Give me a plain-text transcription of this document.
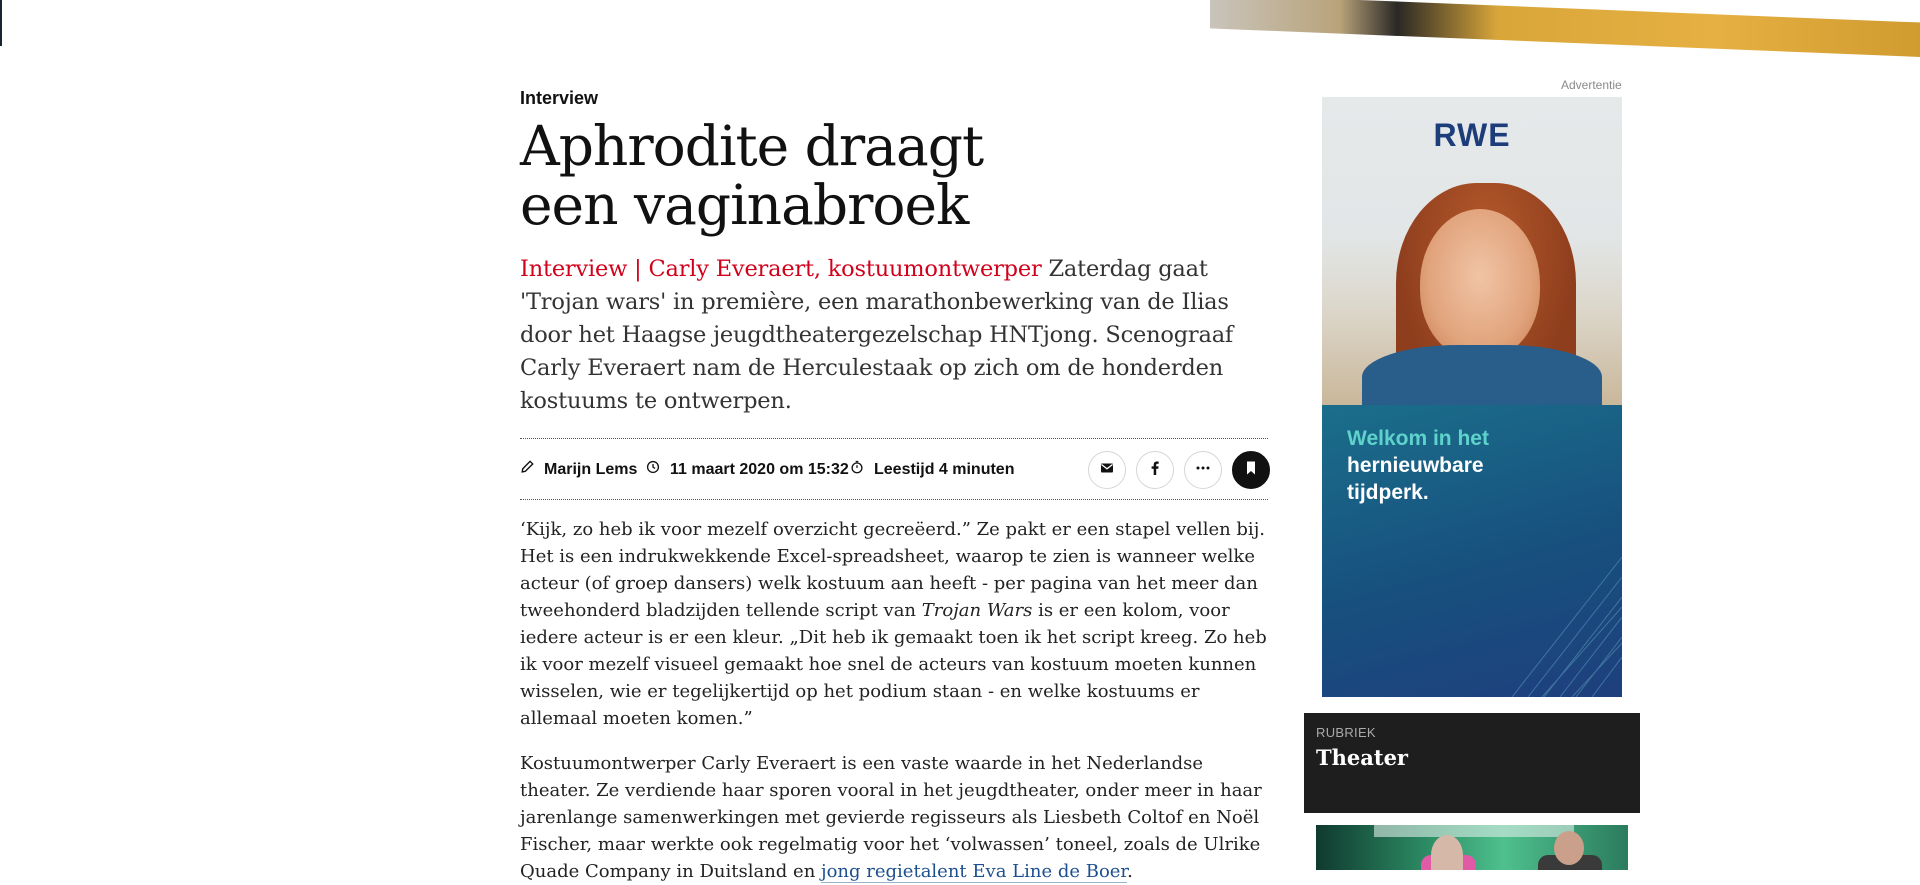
Interview

Aphrodite draagt een vaginabroek

Interview | Carly Everaert, kostuumontwerper Zaterdag gaat 'Trojan wars' in première, een marathonbewerking van de Ilias door het Haagse jeugdtheatergezelschap HNTjong. Scenograaf Carly Everaert nam de Herculestaak op zich om de honderden kostuums te ontwerpen.

Marijn Lems 11 maart 2020 om 15:32 Leestijd 4 minuten

‘Kijk, zo heb ik voor mezelf overzicht gecreëerd.” Ze pakt er een stapel vellen bij. Het is een indrukwekkende Excel-spreadsheet, waarop te zien is wanneer welke acteur (of groep dansers) welk kostuum aan heeft - per pagina van het meer dan tweehonderd bladzijden tellende script van Trojan Wars is er een kolom, voor iedere acteur is er een kleur. „Dit heb ik gemaakt toen ik het script kreeg. Zo heb ik voor mezelf visueel gemaakt hoe snel de acteurs van kostuum moeten kunnen wisselen, wie er tegelijkertijd op het podium staan - en welke kostuums er allemaal moeten komen.”

Kostuumontwerper Carly Everaert is een vaste waarde in het Nederlandse theater. Ze verdiende haar sporen vooral in het jeugdtheater, onder meer in haar jarenlange samenwerkingen met gevierde regisseurs als Liesbeth Coltof en Noël Fischer, maar werkte ook regelmatig voor het ‘volwassen’ toneel, zoals de Ulrike Quade Company in Duitsland en jong regietalent Eva Line de Boer.

Advertentie
RWE
Welkom in het
hernieuwbare
tijdperk.
RUBRIEK
Theater
